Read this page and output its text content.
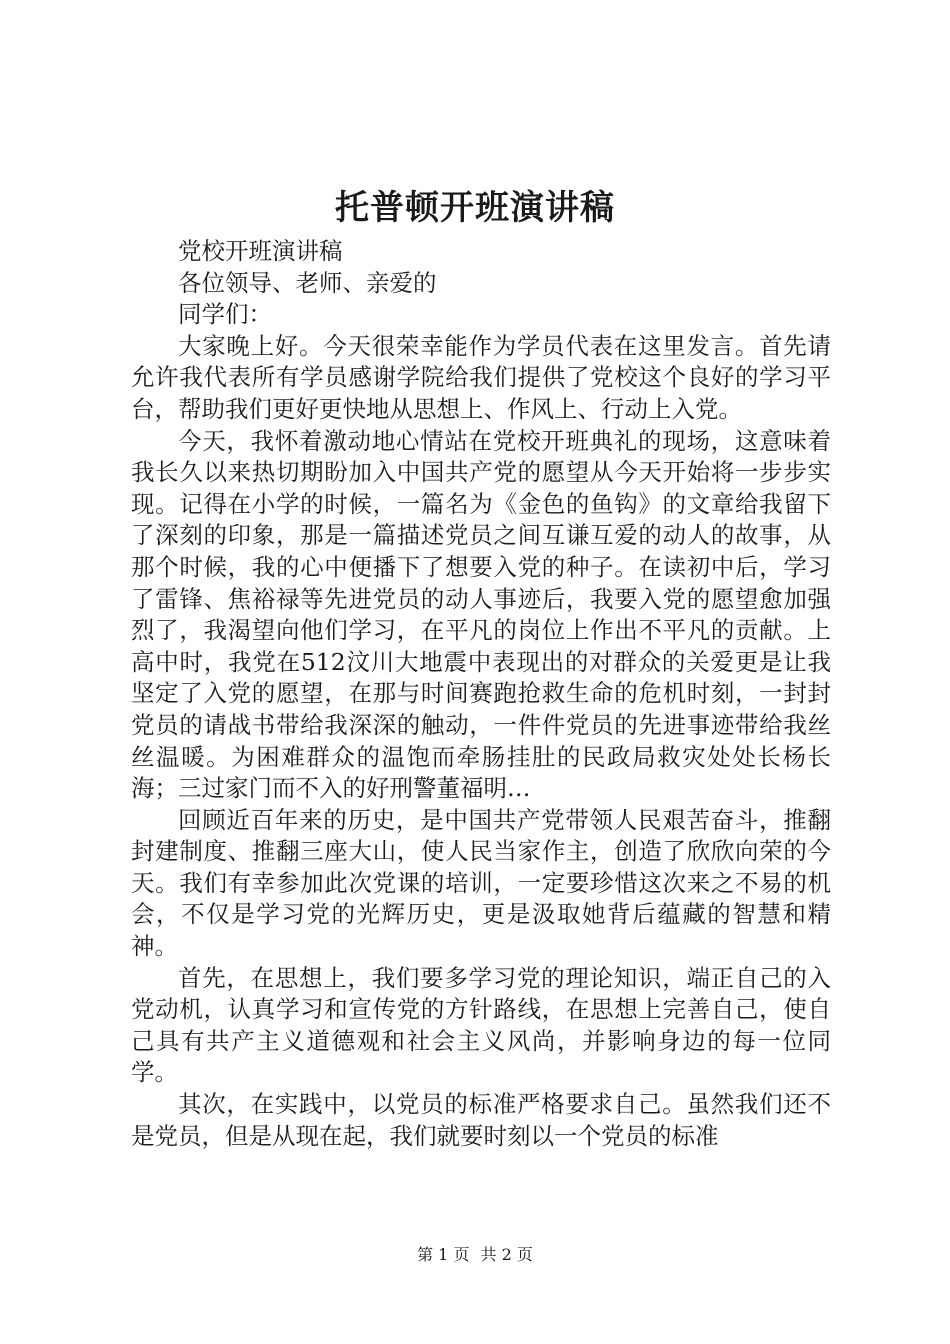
托普顿开班演讲稿

党校开班演讲稿

各位领导、老师、亲爱的

同学们：

大家晚上好。今天很荣幸能作为学员代表在这里发言。首先请允许我代表所有学员感谢学院给我们提供了党校这个良好的学习平台，帮助我们更好更快地从思想上、作风上、行动上入党。

今天，我怀着激动地心情站在党校开班典礼的现场，这意味着我长久以来热切期盼加入中国共产党的愿望从今天开始将一步步实现。记得在小学的时候，一篇名为《金色的鱼钩》的文章给我留下了深刻的印象，那是一篇描述党员之间互谦互爱的动人的故事，从那个时候，我的心中便播下了想要入党的种子。在读初中后，学习了雷锋、焦裕禄等先进党员的动人事迹后，我要入党的愿望愈加强烈了，我渴望向他们学习，在平凡的岗位上作出不平凡的贡献。上高中时，我党在512汶川大地震中表现出的对群众的关爱更是让我坚定了入党的愿望，在那与时间赛跑抢救生命的危机时刻，一封封党员的请战书带给我深深的触动，一件件党员的先进事迹带给我丝丝温暖。为困难群众的温饱而牵肠挂肚的民政局救灾处处长杨长海；三过家门而不入的好刑警董福明…

回顾近百年来的历史，是中国共产党带领人民艰苦奋斗，推翻封建制度、推翻三座大山，使人民当家作主，创造了欣欣向荣的今天。我们有幸参加此次党课的培训，一定要珍惜这次来之不易的机会，不仅是学习党的光辉历史，更是汲取她背后蕴藏的智慧和精神。

首先，在思想上，我们要多学习党的理论知识，端正自己的入党动机，认真学习和宣传党的方针路线，在思想上完善自己，使自己具有共产主义道德观和社会主义风尚，并影响身边的每一位同学。

其次，在实践中，以党员的标准严格要求自己。虽然我们还不是党员，但是从现在起，我们就要时刻以一个党员的标准

第 1 页 共 2 页
